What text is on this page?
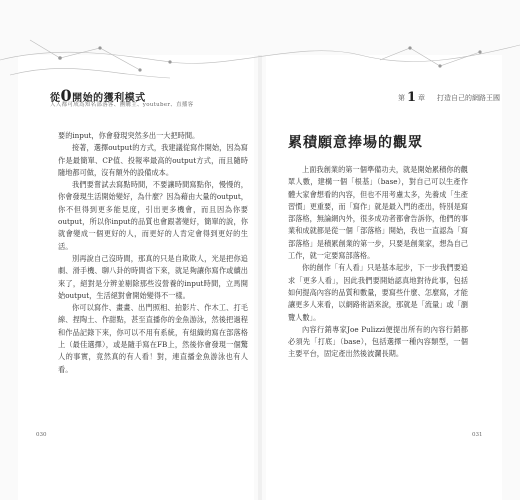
從0開始的獲利模式
人人都可成為知名部落客、團購主、youtuber、直播客
第 1 章 打造自己的網路王國

要的input，你會發現突然多出一大把時間。

接著，選擇output的方式，我建議從寫作開始，因為寫作是最簡單、CP值、投報率最高的output方式，而且隨時隨地都可做，沒有額外的設備成本。

我們要嘗試去寫點時間，不要讓時間寫點你，慢慢的，你會發現生活開始變好，為什麼？因為藉由大量的output，你不但得到更多能見度，引出更多機會，而且因為你要output，所以你input的品質也會跟著變好，簡單的說，你就會變成一個更好的人，而更好的人肯定會得到更好的生活。

別再說自己沒時間，那真的只是自欺欺人，光是把你追劇、滑手機、聊八卦的時間省下來，就足夠讓你寫作或續出來了，絕對是分辨並剔除那些沒營養的input時間，立馬開始output，生活絕對會開始變得不一樣。

你可以寫作、畫畫、出門照相、拍影片、作木工、打毛線、捏陶土、作甜點，甚至直播你的金魚游泳，然後把過程和作品記錄下來，你可以不用有系統，有組織的寫在部落格上（最佳選擇），或是隨手寫在FB上，然後你會發現一個驚人的事實，竟然真的有人看！對，連直播金魚游泳也有人看。

累積願意捧場的觀眾

上面我創業的第一個準備功夫，就是開始累積你的觀眾人數，建構一個「根基」（base），對自己可以生產作體大家會想看的內容，但也不用考慮太多，先養成「生產習慣」更重要，而「寫作」就是最入門的產出，特別是寫部落格，無論網內外，很多成功者都會告訴你，他們的事業和成就都是從一個「部落格」開始，我也一直認為「寫部落格」是積累創業的第一步，只要是創業家，想為自己工作，就一定要寫部落格。

你的創作「有人看」只是基本起步，下一步我們要追求「更多人看」，因此我們要開始認真地對待此事，包括如何提高內容的品質和數量，要寫些什麼、怎麼寫，才能讓更多人來看，以網路術語來說，那就是「流量」或「瀏覽人數」。

內容行銷專家Joe Pulizzi便提出所有的內容行銷都必須先「打底」（base），包括選擇一種內容類型，一個主要平台，固定產出然後波瀾長期。

030	031
